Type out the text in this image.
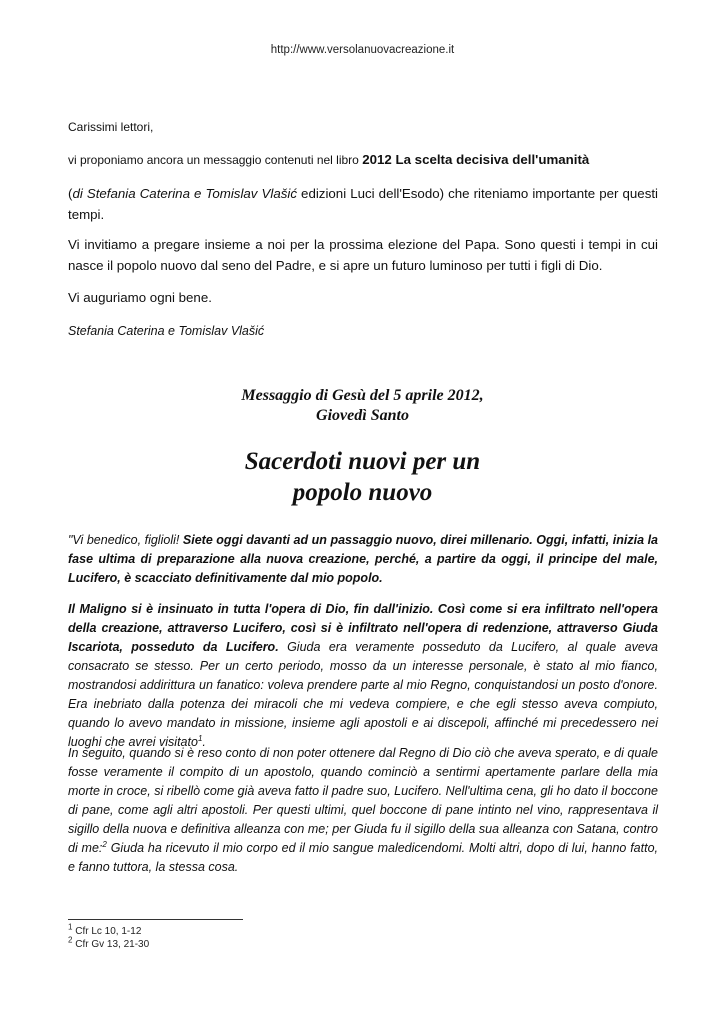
http://www.versolanuovacreazione.it

Carissimi lettori,

vi proponiamo ancora un messaggio contenuti nel libro 2012 La scelta decisiva dell'umanità

(di Stefania Caterina e Tomislav Vlašić edizioni Luci dell'Esodo) che riteniamo importante per questi tempi.

Vi invitiamo a pregare insieme a noi per la prossima elezione del Papa. Sono questi i tempi in cui nasce il popolo nuovo dal seno del Padre, e si apre un futuro luminoso per tutti i figli di Dio.

Vi auguriamo ogni bene.

Stefania Caterina e Tomislav Vlašić

Messaggio di Gesù del 5 aprile 2012,
Giovedì Santo
Sacerdoti nuovi per un
popolo nuovo

"Vi benedico, figlioli! Siete oggi davanti ad un passaggio nuovo, direi millenario. Oggi, infatti, inizia la fase ultima di preparazione alla nuova creazione, perché, a partire da oggi, il principe del male, Lucifero, è scacciato definitivamente dal mio popolo.

Il Maligno si è insinuato in tutta l'opera di Dio, fin dall'inizio. Così come si era infiltrato nell'opera della creazione, attraverso Lucifero, così si è infiltrato nell'opera di redenzione, attraverso Giuda Iscariota, posseduto da Lucifero. Giuda era veramente posseduto da Lucifero, al quale aveva consacrato se stesso. Per un certo periodo, mosso da un interesse personale, è stato al mio fianco, mostrandosi addirittura un fanatico: voleva prendere parte al mio Regno, conquistandosi un posto d'onore. Era inebriato dalla potenza dei miracoli che mi vedeva compiere, e che egli stesso aveva compiuto, quando lo avevo mandato in missione, insieme agli apostoli e ai discepoli, affinché mi precedessero nei luoghi che avrei visitato$^1$.

In seguito, quando si è reso conto di non poter ottenere dal Regno di Dio ciò che aveva sperato, e di quale fosse veramente il compito di un apostolo, quando cominciò a sentirmi apertamente parlare della mia morte in croce, si ribellò come già aveva fatto il padre suo, Lucifero. Nell'ultima cena, gli ho dato il boccone di pane, come agli altri apostoli. Per questi ultimi, quel boccone di pane intinto nel vino, rappresentava il sigillo della nuova e definitiva alleanza con me; per Giuda fu il sigillo della sua alleanza con Satana, contro di me:$^2$ Giuda ha ricevuto il mio corpo ed il mio sangue maledicendomi. Molti altri, dopo di lui, hanno fatto, e fanno tuttora, la stessa cosa.

$^1$ Cfr Lc 10, 1-12
$^2$ Cfr Gv 13, 21-30
